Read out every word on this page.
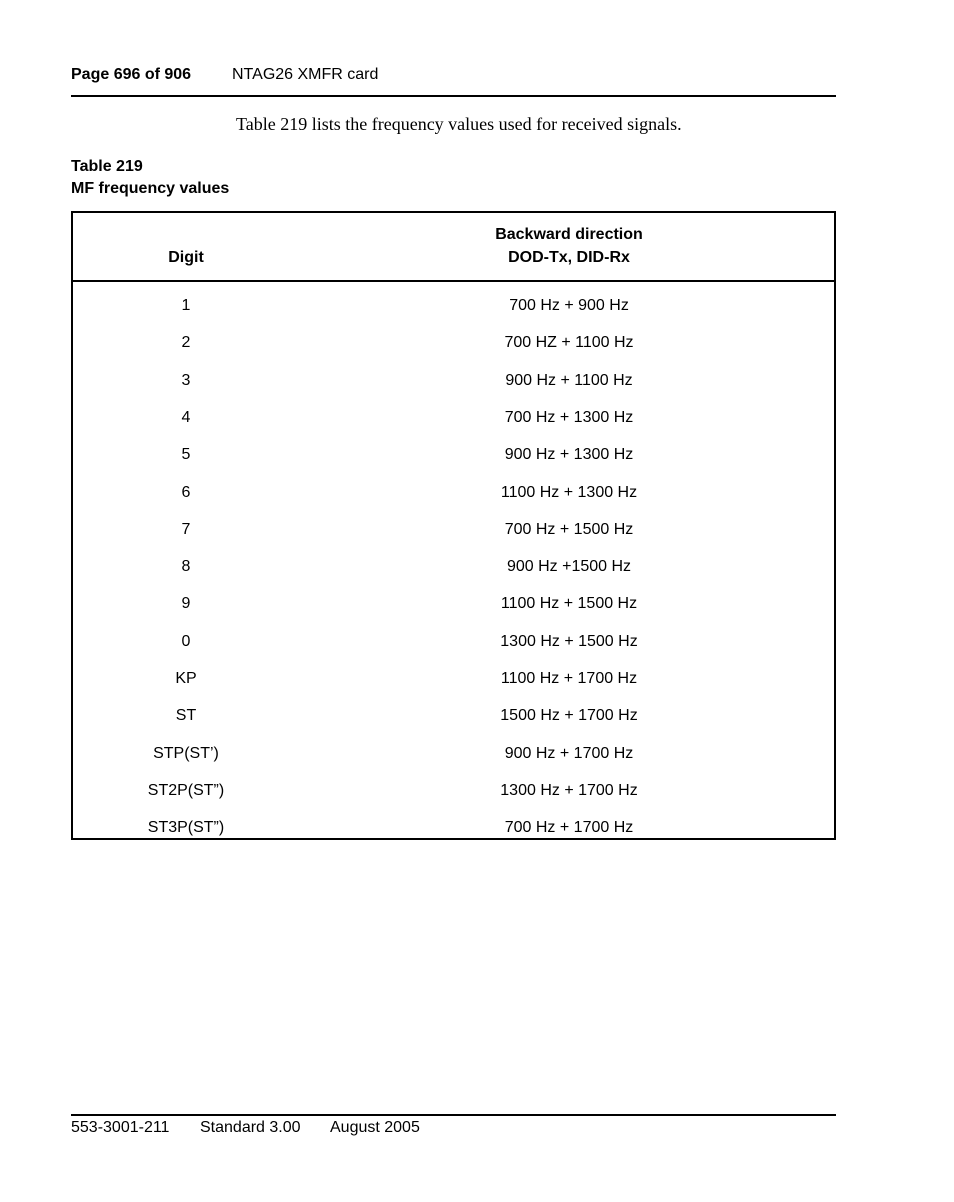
Page 696 of 906	NTAG26 XMFR card
Table 219 lists the frequency values used for received signals.
Table 219
MF frequency values
Digit
Backward direction
DOD-Tx, DID-Rx
1	700 Hz + 900 Hz
2	700 HZ + 1100 Hz
3	900 Hz + 1100 Hz
4	700 Hz + 1300 Hz
5	900 Hz + 1300 Hz
6	1100 Hz + 1300 Hz
7	700 Hz + 1500 Hz
8	900 Hz +1500 Hz
9	1100 Hz + 1500 Hz
0	1300 Hz + 1500 Hz
KP	1100 Hz + 1700 Hz
ST	1500 Hz + 1700 Hz
STP(ST’)	900 Hz + 1700 Hz
ST2P(ST”)	1300 Hz + 1700 Hz
ST3P(ST”)	700 Hz + 1700 Hz
553-3001-211 Standard 3.00 August 2005
